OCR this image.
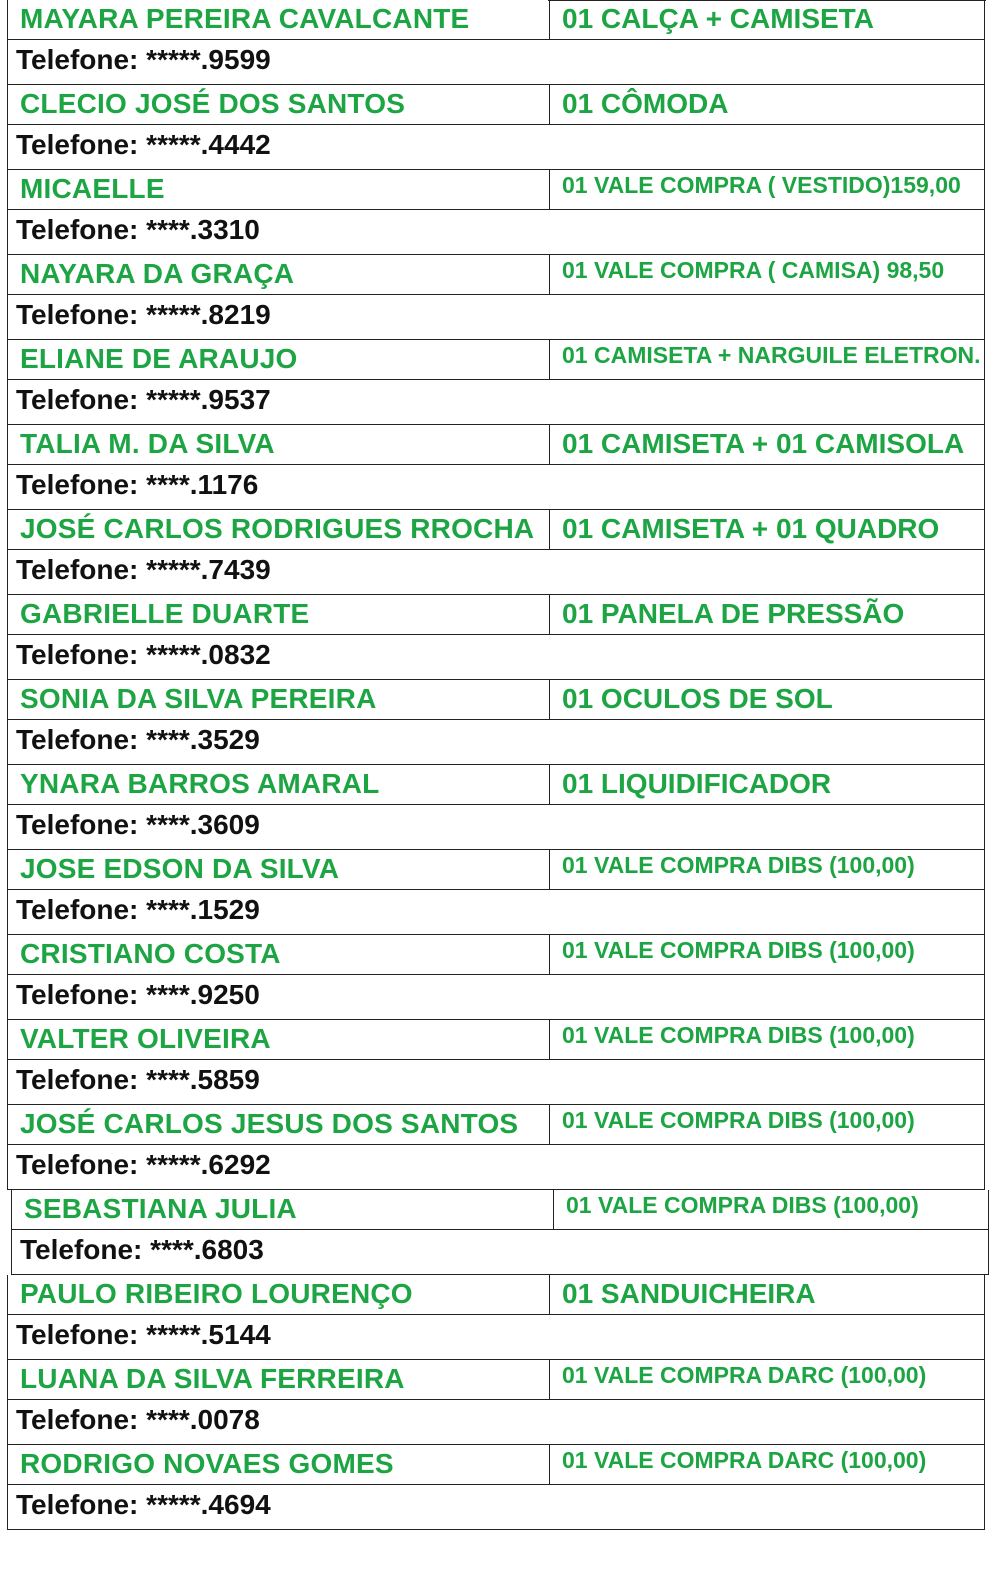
MAYARA PEREIRA CAVALCANTE	01 CALÇA + CAMISETA
Telefone: *****.9599
CLECIO JOSÉ DOS SANTOS	01 CÔMODA
Telefone: *****.4442
MICAELLE	01 VALE COMPRA ( VESTIDO)159,00
Telefone: ****.3310
NAYARA DA GRAÇA	01 VALE COMPRA ( CAMISA) 98,50
Telefone: *****.8219
ELIANE DE ARAUJO	01 CAMISETA + NARGUILE ELETRON.
Telefone: *****.9537
TALIA M. DA SILVA	01 CAMISETA + 01 CAMISOLA
Telefone: ****.1176
JOSÉ CARLOS RODRIGUES RROCHA 01 CAMISETA + 01 QUADRO
Telefone: *****.7439
GABRIELLE DUARTE	01 PANELA DE PRESSÃO
Telefone: *****.0832
SONIA DA SILVA PEREIRA	01 OCULOS DE SOL
Telefone: ****.3529
YNARA BARROS AMARAL	01 LIQUIDIFICADOR
Telefone: ****.3609
JOSE EDSON DA SILVA	01 VALE COMPRA DIBS (100,00)
Telefone: ****.1529
CRISTIANO COSTA	01 VALE COMPRA DIBS (100,00)
Telefone: ****.9250
VALTER OLIVEIRA	01 VALE COMPRA DIBS (100,00)
Telefone: ****.5859
JOSÉ CARLOS JESUS DOS SANTOS 01 VALE COMPRA DIBS (100,00)
Telefone: *****.6292
SEBASTIANA JULIA	01 VALE COMPRA DIBS (100,00)
Telefone: ****.6803
PAULO RIBEIRO LOURENÇO	01 SANDUICHEIRA
Telefone: *****.5144
LUANA DA SILVA FERREIRA	01 VALE COMPRA DARC (100,00)
Telefone: ****.0078
RODRIGO NOVAES GOMES	01 VALE COMPRA DARC (100,00)
Telefone: *****.4694
